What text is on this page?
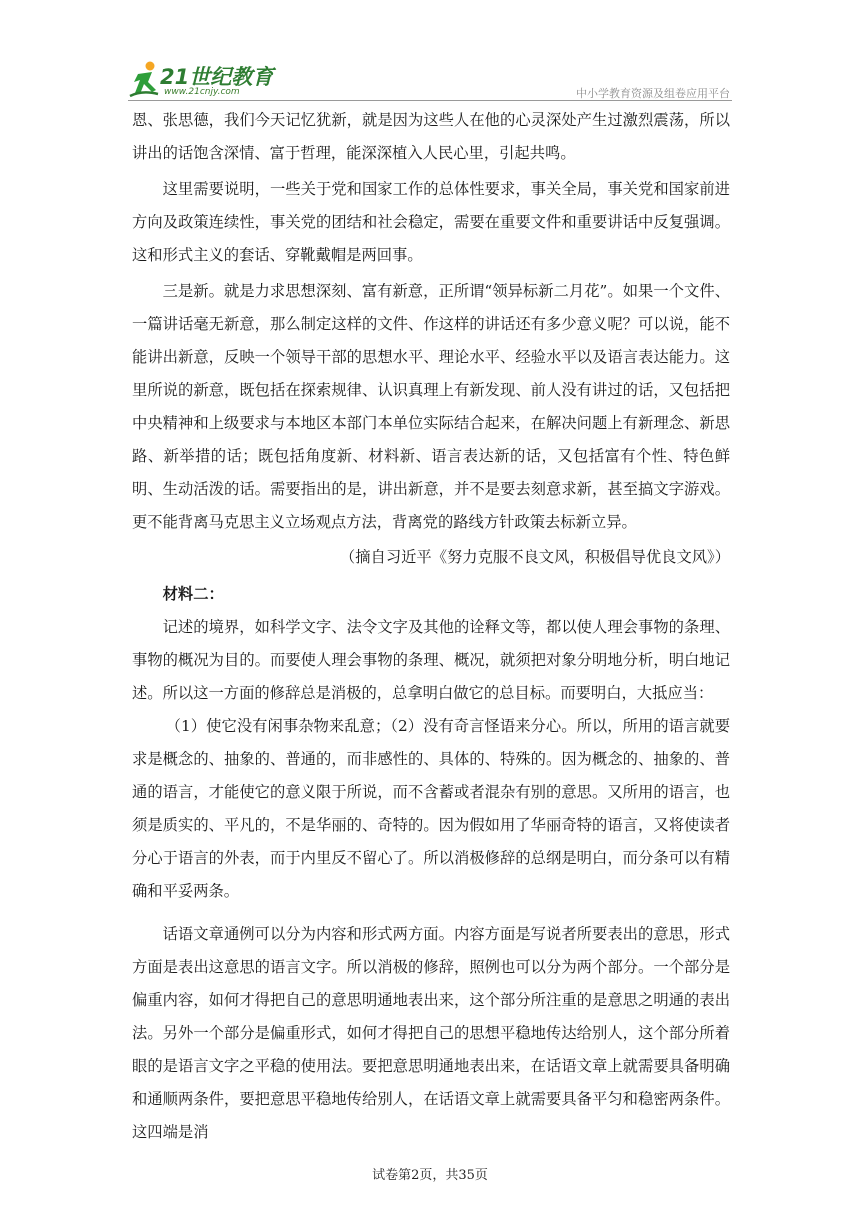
21世纪教育
www.21cnjy.com	中小学教育资源及组卷应用平台

恩、张思德，我们今天记忆犹新，就是因为这些人在他的心灵深处产生过激烈震荡，所以讲出的话饱含深情、富于哲理，能深深植入人民心里，引起共鸣。

这里需要说明，一些关于党和国家工作的总体性要求，事关全局，事关党和国家前进方向及政策连续性，事关党的团结和社会稳定，需要在重要文件和重要讲话中反复强调。这和形式主义的套话、穿靴戴帽是两回事。

三是新。就是力求思想深刻、富有新意，正所谓“领异标新二月花”。如果一个文件、一篇讲话毫无新意，那么制定这样的文件、作这样的讲话还有多少意义呢？可以说，能不能讲出新意，反映一个领导干部的思想水平、理论水平、经验水平以及语言表达能力。这里所说的新意，既包括在探索规律、认识真理上有新发现、前人没有讲过的话，又包括把中央精神和上级要求与本地区本部门本单位实际结合起来，在解决问题上有新理念、新思路、新举措的话；既包括角度新、材料新、语言表达新的话，又包括富有个性、特色鲜明、生动活泼的话。需要指出的是，讲出新意，并不是要去刻意求新，甚至搞文字游戏。更不能背离马克思主义立场观点方法，背离党的路线方针政策去标新立异。

（摘自习近平《努力克服不良文风，积极倡导优良文风》）

材料二：

记述的境界，如科学文字、法令文字及其他的诠释文等，都以使人理会事物的条理、事物的概况为目的。而要使人理会事物的条理、概况，就须把对象分明地分析，明白地记述。所以这一方面的修辞总是消极的，总拿明白做它的总目标。而要明白，大抵应当：

（1）使它没有闲事杂物来乱意；（2）没有奇言怪语来分心。所以，所用的语言就要求是概念的、抽象的、普通的，而非感性的、具体的、特殊的。因为概念的、抽象的、普通的语言，才能使它的意义限于所说，而不含蓄或者混杂有别的意思。又所用的语言，也须是质实的、平凡的，不是华丽的、奇特的。因为假如用了华丽奇特的语言，又将使读者分心于语言的外表，而于内里反不留心了。所以消极修辞的总纲是明白，而分条可以有精确和平妥两条。

话语文章通例可以分为内容和形式两方面。内容方面是写说者所要表出的意思，形式方面是表出这意思的语言文字。所以消极的修辞，照例也可以分为两个部分。一个部分是偏重内容，如何才得把自己的意思明通地表出来，这个部分所注重的是意思之明通的表出法。另外一个部分是偏重形式，如何才得把自己的思想平稳地传达给别人，这个部分所着眼的是语言文字之平稳的使用法。要把意思明通地表出来，在话语文章上就需要具备明确和通顺两条件，要把意思平稳地传给别人，在话语文章上就需要具备平匀和稳密两条件。这四端是消

试卷第2页，共35页
